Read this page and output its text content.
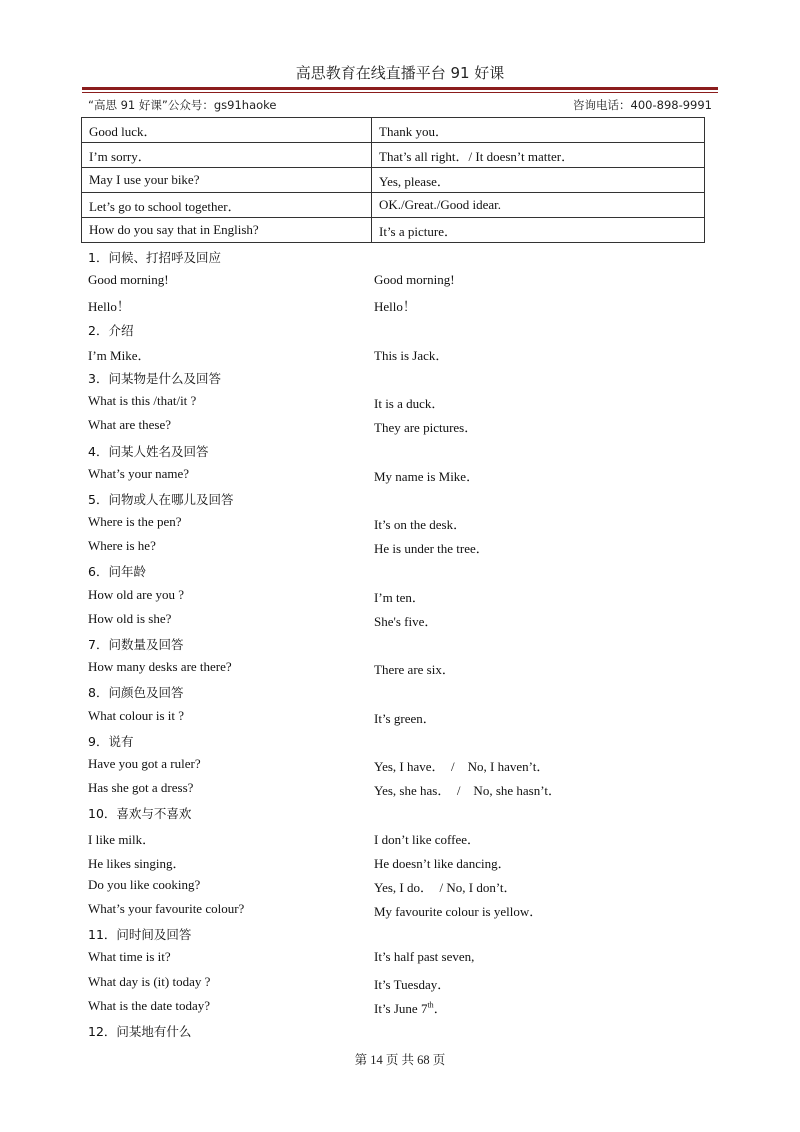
高思教育在线直播平台 91 好课
“高思 91 好课”公众号：gs91haoke	咨询电话：400-898-9991
Good luck．	Thank you．
I’m sorry．	That’s all right．/ It doesn’t matter．
May I use your bike?	Yes, please．
Let’s go to school together．	OK./Great./Good idear.
How do you say that in English?	It’s a picture．
1．问候、打招呼及回应
Good morning!	Good morning!
Hello！	Hello！
2．介绍
I’m Mike．	This is Jack．
3．问某物是什么及回答
What is this /that/it ?	It is a duck．
What are these?	They are pictures．
4．问某人姓名及回答
What’s your name?	My name is Mike．
5．问物或人在哪儿及回答
Where is the pen?	It’s on the desk．
Where is he?	He is under the tree．
6．问年龄
How old are you ?	I’m ten．
How old is she?	She's five．
7．问数量及回答
How many desks are there?	There are six．
8．问颜色及回答
What colour is it ?	It’s green．
9．说有
Have you got a ruler?	Yes, I have．　/　No, I haven’t．
Has she got a dress?	Yes, she has．　/　No, she hasn’t．
10．喜欢与不喜欢
I like milk．	I don’t like coffee．
He likes singing．	He doesn’t like dancing．
Do you like cooking?	Yes, I do．　/ No, I don’t．
What’s your favourite colour?	My favourite colour is yellow．
11．问时间及回答
What time is it?	It’s half past seven,
What day is (it) today ?	It’s Tuesday．
What is the date today?	It’s June 7th．
12．问某地有什么
第 14 页 共 68 页
